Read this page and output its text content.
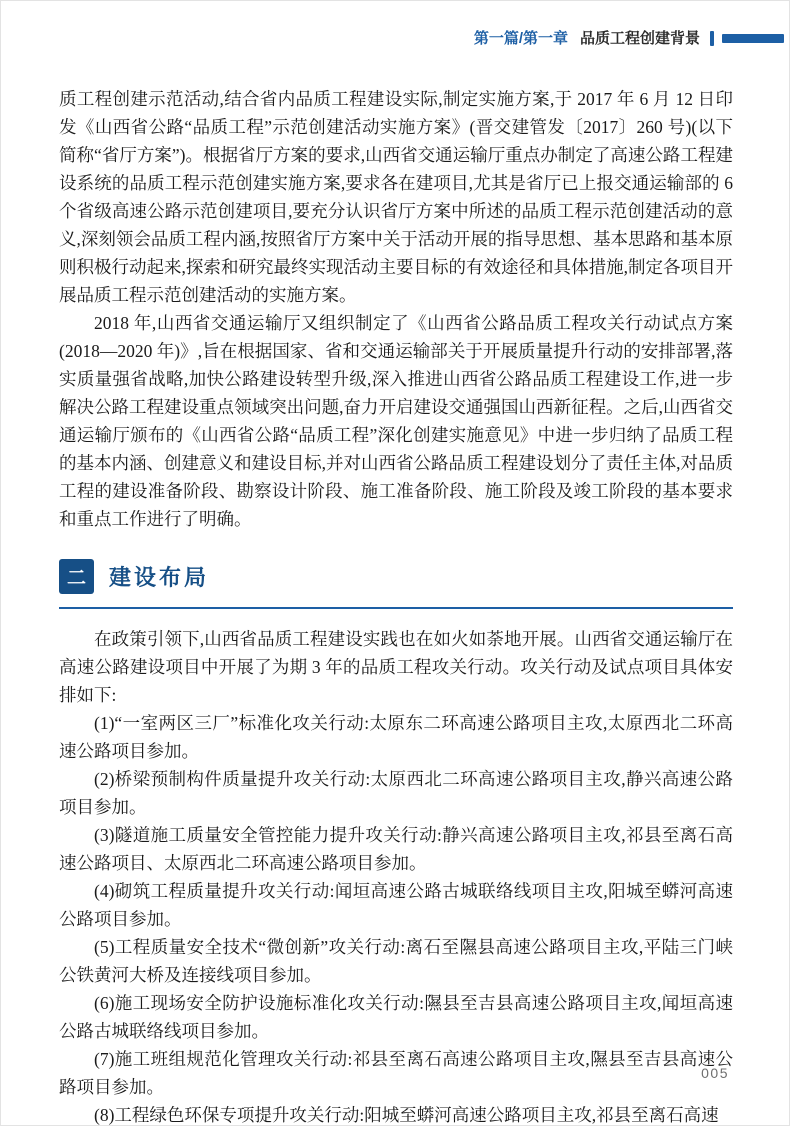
第一篇/第一章 品质工程创建背景

质工程创建示范活动,结合省内品质工程建设实际,制定实施方案,于 2017 年 6 月 12 日印发《山西省公路“品质工程”示范创建活动实施方案》(晋交建管发〔2017〕260 号)(以下简称“省厅方案”)。根据省厅方案的要求,山西省交通运输厅重点办制定了高速公路工程建设系统的品质工程示范创建实施方案,要求各在建项目,尤其是省厅已上报交通运输部的 6 个省级高速公路示范创建项目,要充分认识省厅方案中所述的品质工程示范创建活动的意义,深刻领会品质工程内涵,按照省厅方案中关于活动开展的指导思想、基本思路和基本原则积极行动起来,探索和研究最终实现活动主要目标的有效途径和具体措施,制定各项目开展品质工程示范创建活动的实施方案。

2018 年,山西省交通运输厅又组织制定了《山西省公路品质工程攻关行动试点方案(2018—2020 年)》,旨在根据国家、省和交通运输部关于开展质量提升行动的安排部署,落实质量强省战略,加快公路建设转型升级,深入推进山西省公路品质工程建设工作,进一步解决公路工程建设重点领域突出问题,奋力开启建设交通强国山西新征程。之后,山西省交通运输厅颁布的《山西省公路“品质工程”深化创建实施意见》中进一步归纳了品质工程的基本内涵、创建意义和建设目标,并对山西省公路品质工程建设划分了责任主体,对品质工程的建设准备阶段、勘察设计阶段、施工准备阶段、施工阶段及竣工阶段的基本要求和重点工作进行了明确。

二	建设布局

在政策引领下,山西省品质工程建设实践也在如火如荼地开展。山西省交通运输厅在高速公路建设项目中开展了为期 3 年的品质工程攻关行动。攻关行动及试点项目具体安排如下:

(1)“一室两区三厂”标准化攻关行动:太原东二环高速公路项目主攻,太原西北二环高速公路项目参加。

(2)桥梁预制构件质量提升攻关行动:太原西北二环高速公路项目主攻,静兴高速公路项目参加。

(3)隧道施工质量安全管控能力提升攻关行动:静兴高速公路项目主攻,祁县至离石高速公路项目、太原西北二环高速公路项目参加。

(4)砌筑工程质量提升攻关行动:闻垣高速公路古城联络线项目主攻,阳城至蟒河高速公路项目参加。

(5)工程质量安全技术“微创新”攻关行动:离石至隰县高速公路项目主攻,平陆三门峡公铁黄河大桥及连接线项目参加。

(6)施工现场安全防护设施标准化攻关行动:隰县至吉县高速公路项目主攻,闻垣高速公路古城联络线项目参加。

(7)施工班组规范化管理攻关行动:祁县至离石高速公路项目主攻,隰县至吉县高速公路项目参加。

(8)工程绿色环保专项提升攻关行动:阳城至蟒河高速公路项目主攻,祁县至离石高速

005
